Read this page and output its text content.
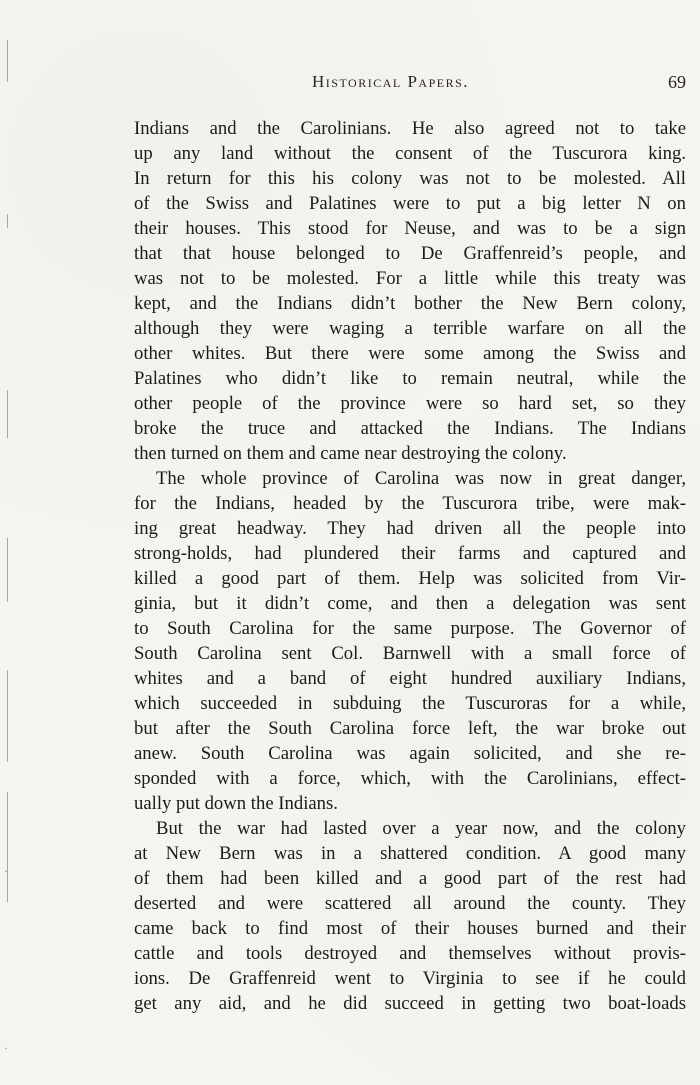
·
·
Historical Papers.	69
Indians and the Carolinians. He also agreed not to take
up any land without the consent of the Tuscurora king.
In return for this his colony was not to be molested. All
of the Swiss and Palatines were to put a big letter N on
their houses. This stood for Neuse, and was to be a sign
that that house belonged to De Graffenreid’s people, and
was not to be molested. For a little while this treaty was
kept, and the Indians didn’t bother the New Bern colony,
although they were waging a terrible warfare on all the
other whites. But there were some among the Swiss and
Palatines who didn’t like to remain neutral, while the
other people of the province were so hard set, so they
broke the truce and attacked the Indians. The Indians
then turned on them and came near destroying the colony.
The whole province of Carolina was now in great danger,
for the Indians, headed by the Tuscurora tribe, were mak-
ing great headway. They had driven all the people into
strong-holds, had plundered their farms and captured and
killed a good part of them. Help was solicited from Vir-
ginia, but it didn’t come, and then a delegation was sent
to South Carolina for the same purpose. The Governor of
South Carolina sent Col. Barnwell with a small force of
whites and a band of eight hundred auxiliary Indians,
which succeeded in subduing the Tuscuroras for a while,
but after the South Carolina force left, the war broke out
anew. South Carolina was again solicited, and she re-
sponded with a force, which, with the Carolinians, effect-
ually put down the Indians.
But the war had lasted over a year now, and the colony
at New Bern was in a shattered condition. A good many
of them had been killed and a good part of the rest had
deserted and were scattered all around the county. They
came back to find most of their houses burned and their
cattle and tools destroyed and themselves without provis-
ions. De Graffenreid went to Virginia to see if he could
get any aid, and he did succeed in getting two boat-loads
